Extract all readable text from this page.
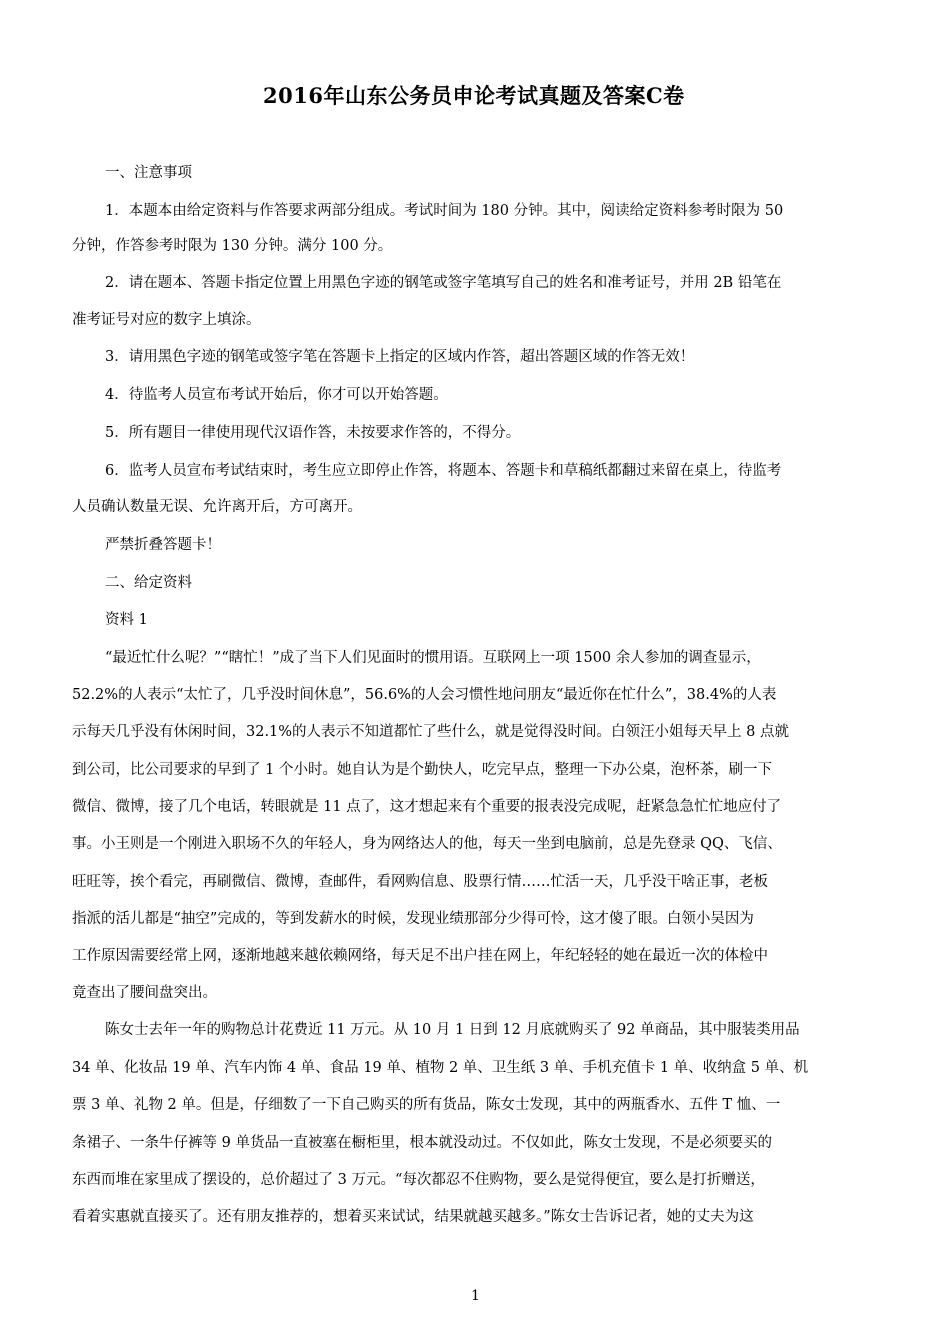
2016年山东公务员申论考试真题及答案C卷
一、注意事项
1．本题本由给定资料与作答要求两部分组成。考试时间为 180 分钟。其中，阅读给定资料参考时限为 50
分钟，作答参考时限为 130 分钟。满分 100 分。
2．请在题本、答题卡指定位置上用黑色字迹的钢笔或签字笔填写自己的姓名和准考证号，并用 2B 铅笔在
准考证号对应的数字上填涂。
3．请用黑色字迹的钢笔或签字笔在答题卡上指定的区域内作答，超出答题区域的作答无效！
4．待监考人员宣布考试开始后，你才可以开始答题。
5．所有题目一律使用现代汉语作答，未按要求作答的，不得分。
6．监考人员宣布考试结束时，考生应立即停止作答，将题本、答题卡和草稿纸都翻过来留在桌上，待监考
人员确认数量无误、允许离开后，方可离开。
严禁折叠答题卡！
二、给定资料
资料 1
“最近忙什么呢？”“瞎忙！”成了当下人们见面时的惯用语。互联网上一项 1500 余人参加的调查显示，
52.2%的人表示“太忙了，几乎没时间休息”，56.6%的人会习惯性地问朋友“最近你在忙什么”，38.4%的人表
示每天几乎没有休闲时间，32.1%的人表示不知道都忙了些什么，就是觉得没时间。白领汪小姐每天早上 8 点就
到公司，比公司要求的早到了 1 个小时。她自认为是个勤快人，吃完早点，整理一下办公桌，泡杯茶，刷一下
微信、微博，接了几个电话，转眼就是 11 点了，这才想起来有个重要的报表没完成呢，赶紧急急忙忙地应付了
事。小王则是一个刚进入职场不久的年轻人，身为网络达人的他，每天一坐到电脑前，总是先登录 QQ、飞信、
旺旺等，挨个看完，再刷微信、微博，查邮件，看网购信息、股票行情……忙活一天，几乎没干啥正事，老板
指派的活儿都是“抽空”完成的，等到发薪水的时候，发现业绩那部分少得可怜，这才傻了眼。白领小吴因为
工作原因需要经常上网，逐渐地越来越依赖网络，每天足不出户挂在网上，年纪轻轻的她在最近一次的体检中
竟查出了腰间盘突出。
陈女士去年一年的购物总计花费近 11 万元。从 10 月 1 日到 12 月底就购买了 92 单商品，其中服装类用品
34 单、化妆品 19 单、汽车内饰 4 单、食品 19 单、植物 2 单、卫生纸 3 单、手机充值卡 1 单、收纳盒 5 单、机
票 3 单、礼物 2 单。但是，仔细数了一下自己购买的所有货品，陈女士发现，其中的两瓶香水、五件 T 恤、一
条裙子、一条牛仔裤等 9 单货品一直被塞在橱柜里，根本就没动过。不仅如此，陈女士发现，不是必须要买的
东西而堆在家里成了摆设的，总价超过了 3 万元。“每次都忍不住购物，要么是觉得便宜，要么是打折赠送，
看着实惠就直接买了。还有朋友推荐的，想着买来试试，结果就越买越多。”陈女士告诉记者，她的丈夫为这
1
